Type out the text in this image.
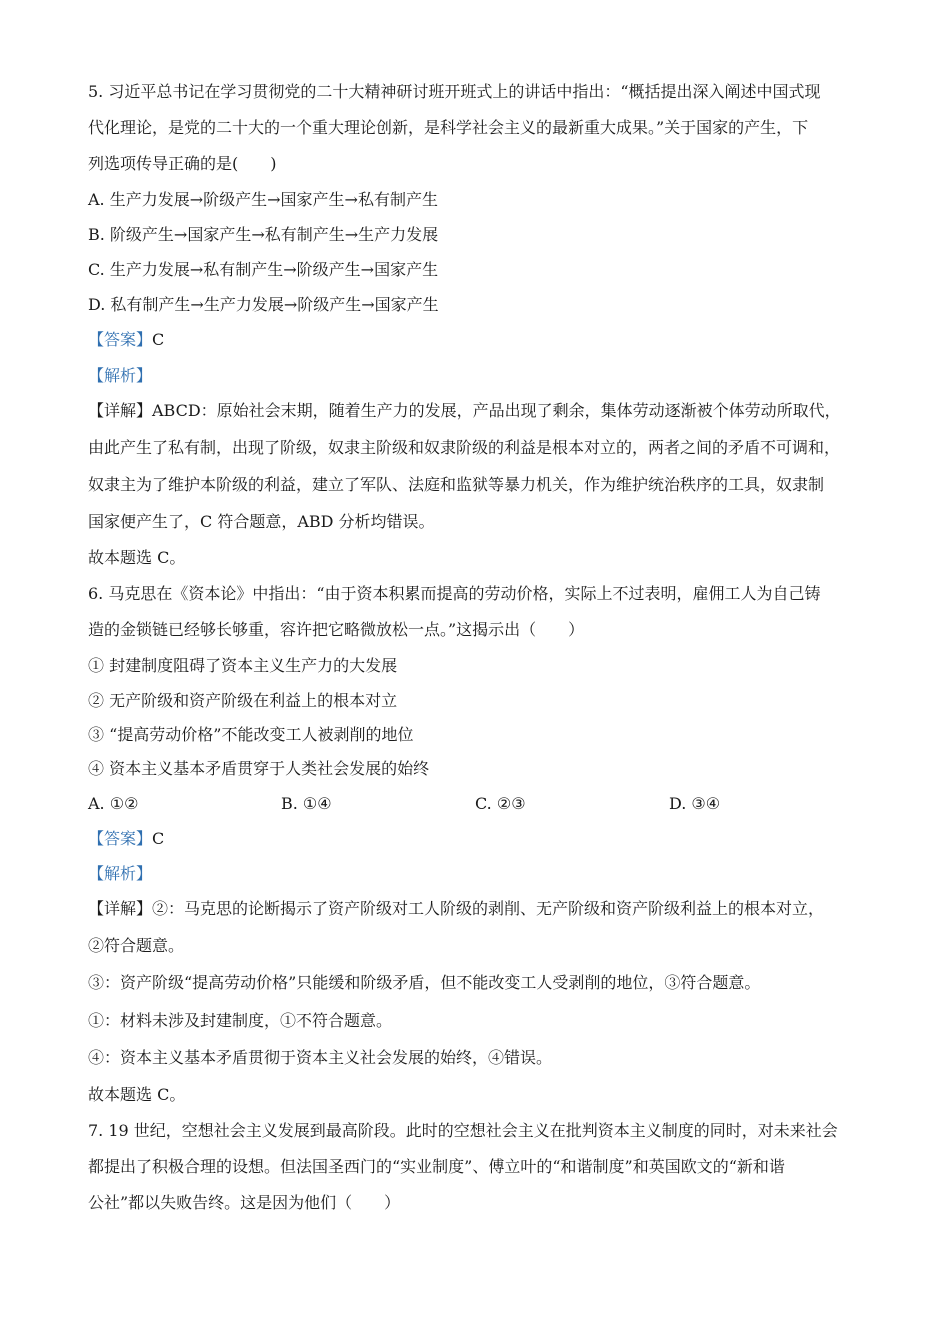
5. 习近平总书记在学习贯彻党的二十大精神研讨班开班式上的讲话中指出：“概括提出深入阐述中国式现
代化理论，是党的二十大的一个重大理论创新，是科学社会主义的最新重大成果。”关于国家的产生，下
列选项传导正确的是(　　)
A. 生产力发展→阶级产生→国家产生→私有制产生
B. 阶级产生→国家产生→私有制产生→生产力发展
C. 生产力发展→私有制产生→阶级产生→国家产生
D. 私有制产生→生产力发展→阶级产生→国家产生
【答案】C
【解析】
【详解】ABCD：原始社会末期，随着生产力的发展，产品出现了剩余，集体劳动逐渐被个体劳动所取代，
由此产生了私有制，出现了阶级，奴隶主阶级和奴隶阶级的利益是根本对立的，两者之间的矛盾不可调和，
奴隶主为了维护本阶级的利益，建立了军队、法庭和监狱等暴力机关，作为维护统治秩序的工具，奴隶制
国家便产生了，C 符合题意，ABD 分析均错误。
故本题选 C。
6. 马克思在《资本论》中指出：“由于资本积累而提高的劳动价格，实际上不过表明，雇佣工人为自己铸
造的金锁链已经够长够重，容许把它略微放松一点。”这揭示出（　　）
① 封建制度阻碍了资本主义生产力的大发展
② 无产阶级和资产阶级在利益上的根本对立
③ “提高劳动价格”不能改变工人被剥削的地位
④ 资本主义基本矛盾贯穿于人类社会发展的始终
A. ①②	B. ①④	C. ②③	D. ③④
【答案】C
【解析】
【详解】②：马克思的论断揭示了资产阶级对工人阶级的剥削、无产阶级和资产阶级利益上的根本对立，
②符合题意。
③：资产阶级“提高劳动价格”只能缓和阶级矛盾，但不能改变工人受剥削的地位，③符合题意。
①：材料未涉及封建制度，①不符合题意。
④：资本主义基本矛盾贯彻于资本主义社会发展的始终，④错误。
故本题选 C。
7. 19 世纪，空想社会主义发展到最高阶段。此时的空想社会主义在批判资本主义制度的同时，对未来社会
都提出了积极合理的设想。但法国圣西门的“实业制度”、傅立叶的“和谐制度”和英国欧文的“新和谐
公社”都以失败告终。这是因为他们（　　）
